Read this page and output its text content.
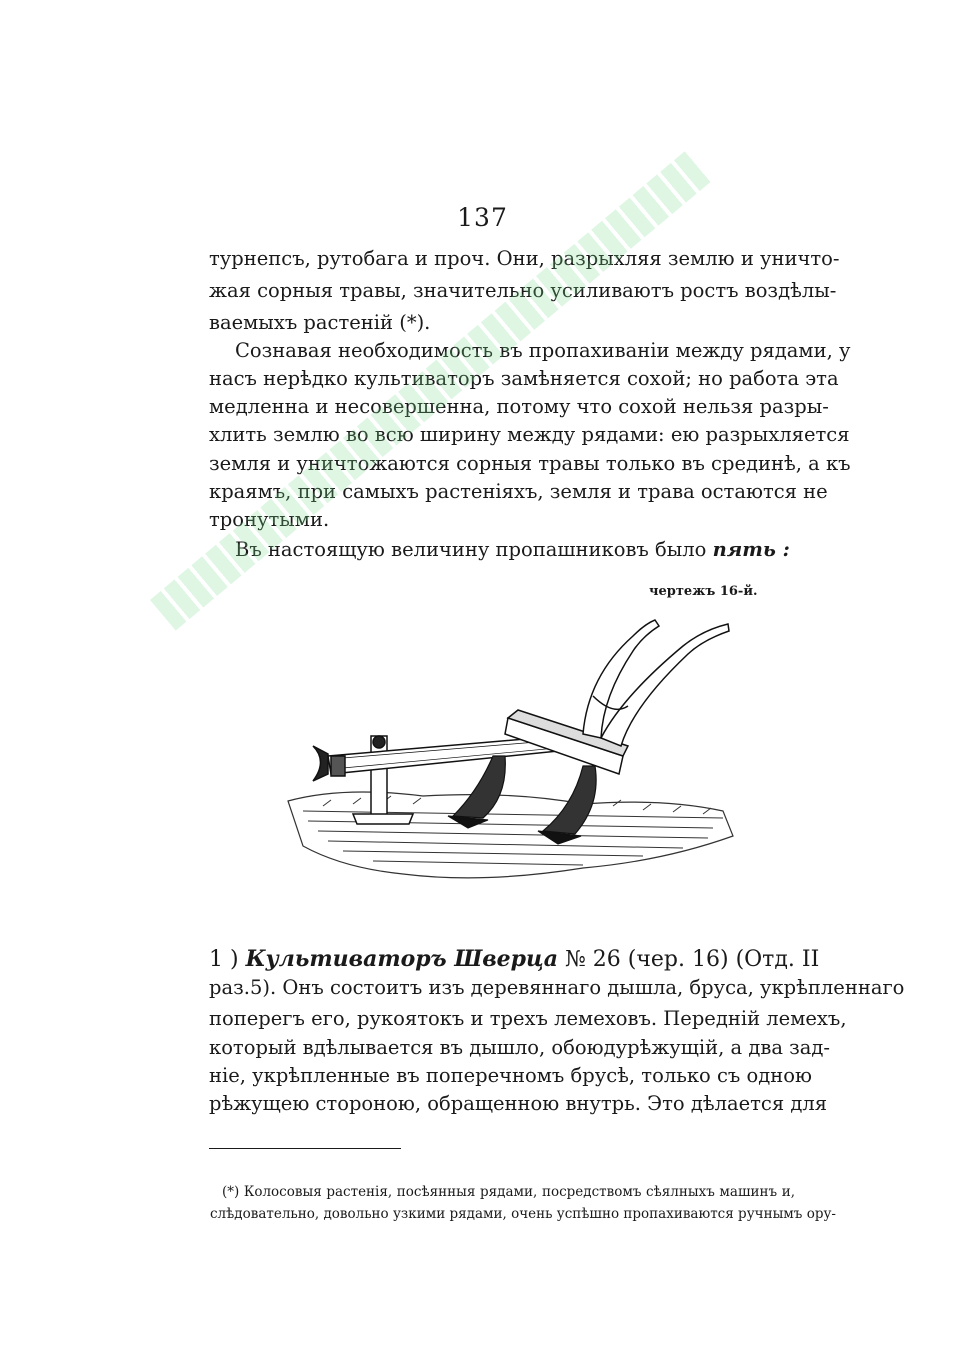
137
турнепсъ, рутобага и проч. Они, разрыхляя землю и уничто-
жая сорныя травы, значительно усиливаютъ ростъ воздѣлы-
ваемыхъ растеній (*).
Сознавая необходимость въ пропахиваніи между рядами, у
насъ нерѣдко культиваторъ замѣняется сохой; но работа эта
медленна и несовершенна, потому что сохой нельзя разры-
хлить землю во всю ширину между рядами: ею разрыхляется
земля и уничтожаются сорныя травы только въ срединѣ, а къ
краямъ, при самыхъ растеніяхъ, земля и трава остаются не
тронутыми.
Въ настоящую величину пропашниковъ было пять :
чертежъ 16-й.
1 ) Культиваторъ Шверца № 26 (чер. 16) (Отд. II
раз.5). Онъ состоитъ изъ деревяннаго дышла, бруса, укрѣпленнаго
поперегъ его, рукоятокъ и трехъ лемеховъ. Передній лемехъ,
который вдѣлывается въ дышло, обоюдурѣжущій, а два зад-
ніе, укрѣпленные въ поперечномъ брусѣ, только съ одною
рѣжущею стороною, обращенною внутрь. Это дѣлается для
(*) Колосовыя растенія, посѣянныя рядами, посредствомъ сѣялныхъ машинъ и,
слѣдовательно, довольно узкими рядами, очень успѣшно пропахиваются ручнымъ ору-
